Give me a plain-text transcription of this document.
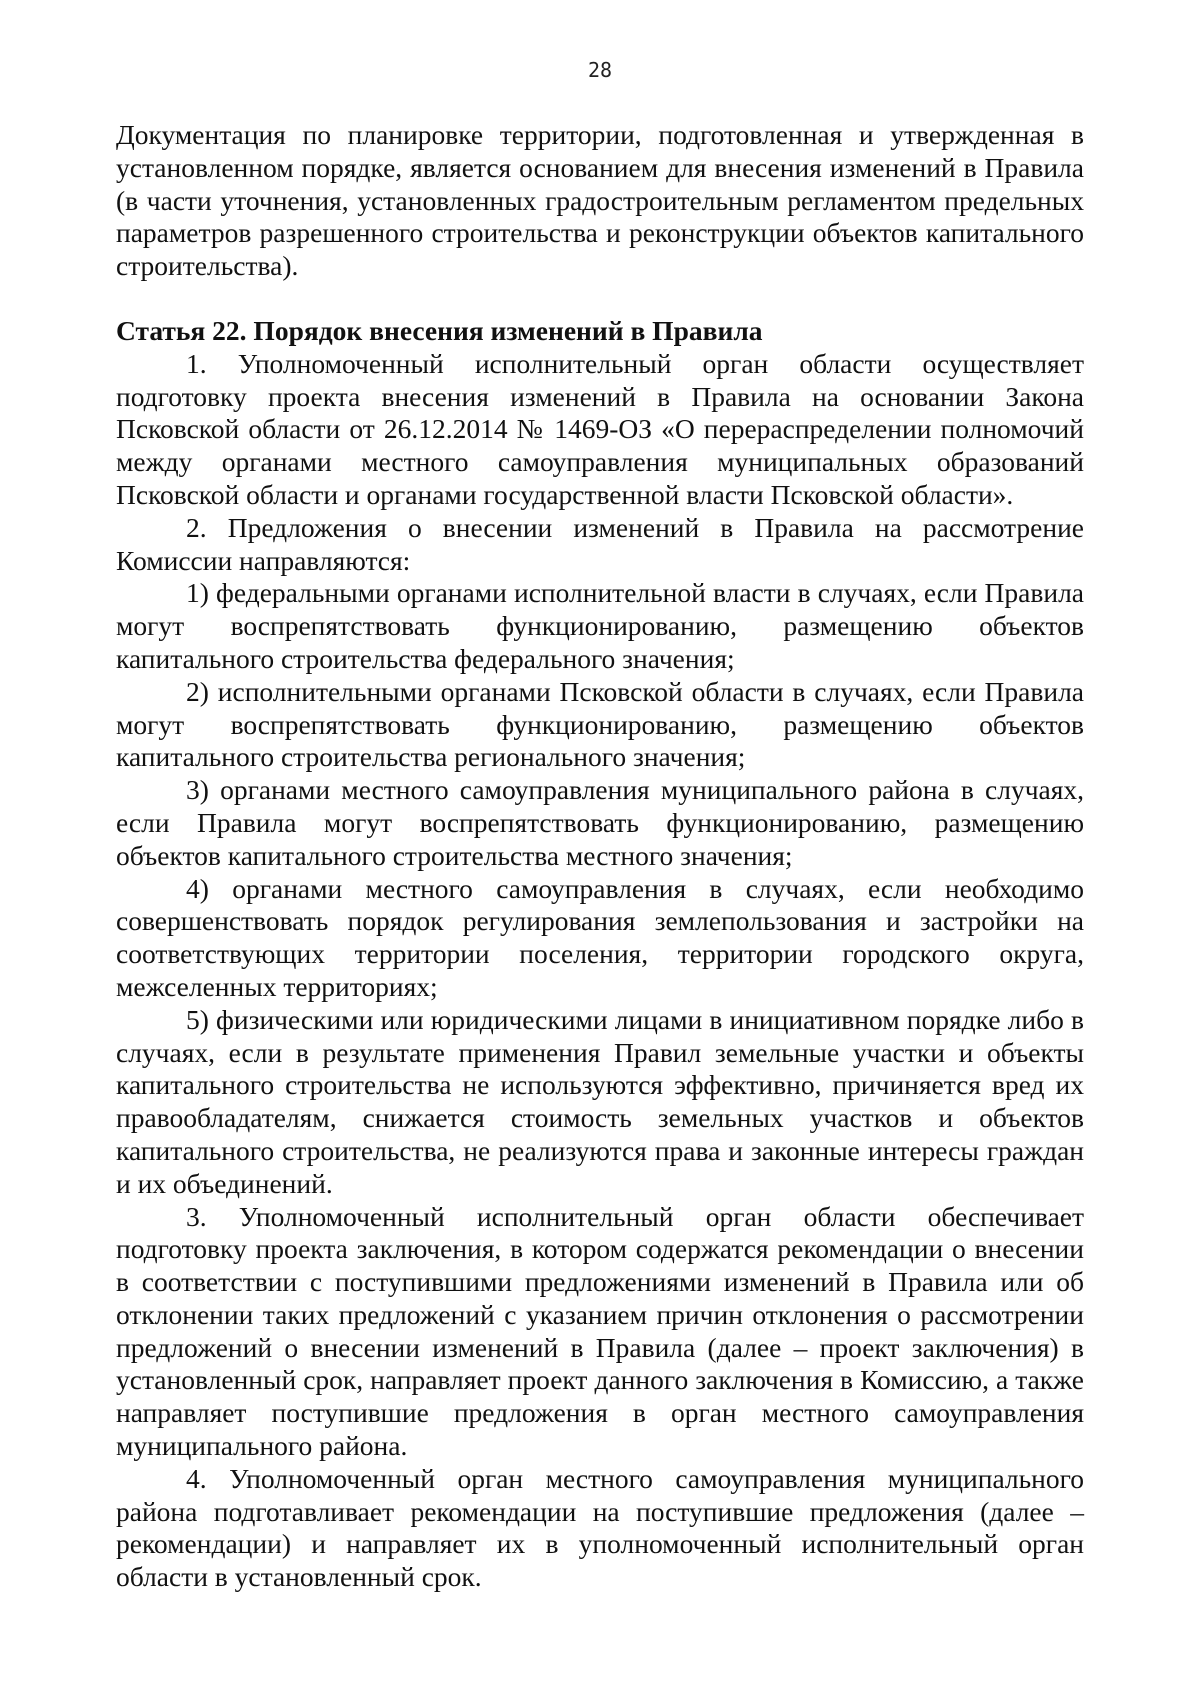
28

Документация по планировке территории, подготовленная и утвержденная в установленном порядке, является основанием для внесения изменений в Правила (в части уточнения, установленных градостроительным регламентом предельных параметров разрешенного строительства и реконструкции объектов капитального строительства).

Статья 22. Порядок внесения изменений в Правила

1. Уполномоченный исполнительный орган области осуществляет подготовку проекта внесения изменений в Правила на основании Закона Псковской области от 26.12.2014 № 1469-ОЗ «О перераспределении полномочий между органами местного самоуправления муниципальных образований Псковской области и органами государственной власти Псковской области».

2. Предложения о внесении изменений в Правила на рассмотрение Комиссии направляются:

1) федеральными органами исполнительной власти в случаях, если Правила могут воспрепятствовать функционированию, размещению объектов капитального строительства федерального значения;

2) исполнительными органами Псковской области в случаях, если Правила могут воспрепятствовать функционированию, размещению объектов капитального строительства регионального значения;

3) органами местного самоуправления муниципального района в случаях, если Правила могут воспрепятствовать функционированию, размещению объектов капитального строительства местного значения;

4) органами местного самоуправления в случаях, если необходимо совершенствовать порядок регулирования землепользования и застройки на соответствующих территории поселения, территории городского округа, межселенных территориях;

5) физическими или юридическими лицами в инициативном порядке либо в случаях, если в результате применения Правил земельные участки и объекты капитального строительства не используются эффективно, причиняется вред их правообладателям, снижается стоимость земельных участков и объектов капитального строительства, не реализуются права и законные интересы граждан и их объединений.

3. Уполномоченный исполнительный орган области обеспечивает подготовку проекта заключения, в котором содержатся рекомендации о внесении в соответствии с поступившими предложениями изменений в Правила или об отклонении таких предложений с указанием причин отклонения о рассмотрении предложений о внесении изменений в Правила (далее – проект заключения) в установленный срок, направляет проект данного заключения в Комиссию, а также направляет поступившие предложения в орган местного самоуправления муниципального района.

4. Уполномоченный орган местного самоуправления муниципального района подготавливает рекомендации на поступившие предложения (далее – рекомендации) и направляет их в уполномоченный исполнительный орган области в установленный срок.
